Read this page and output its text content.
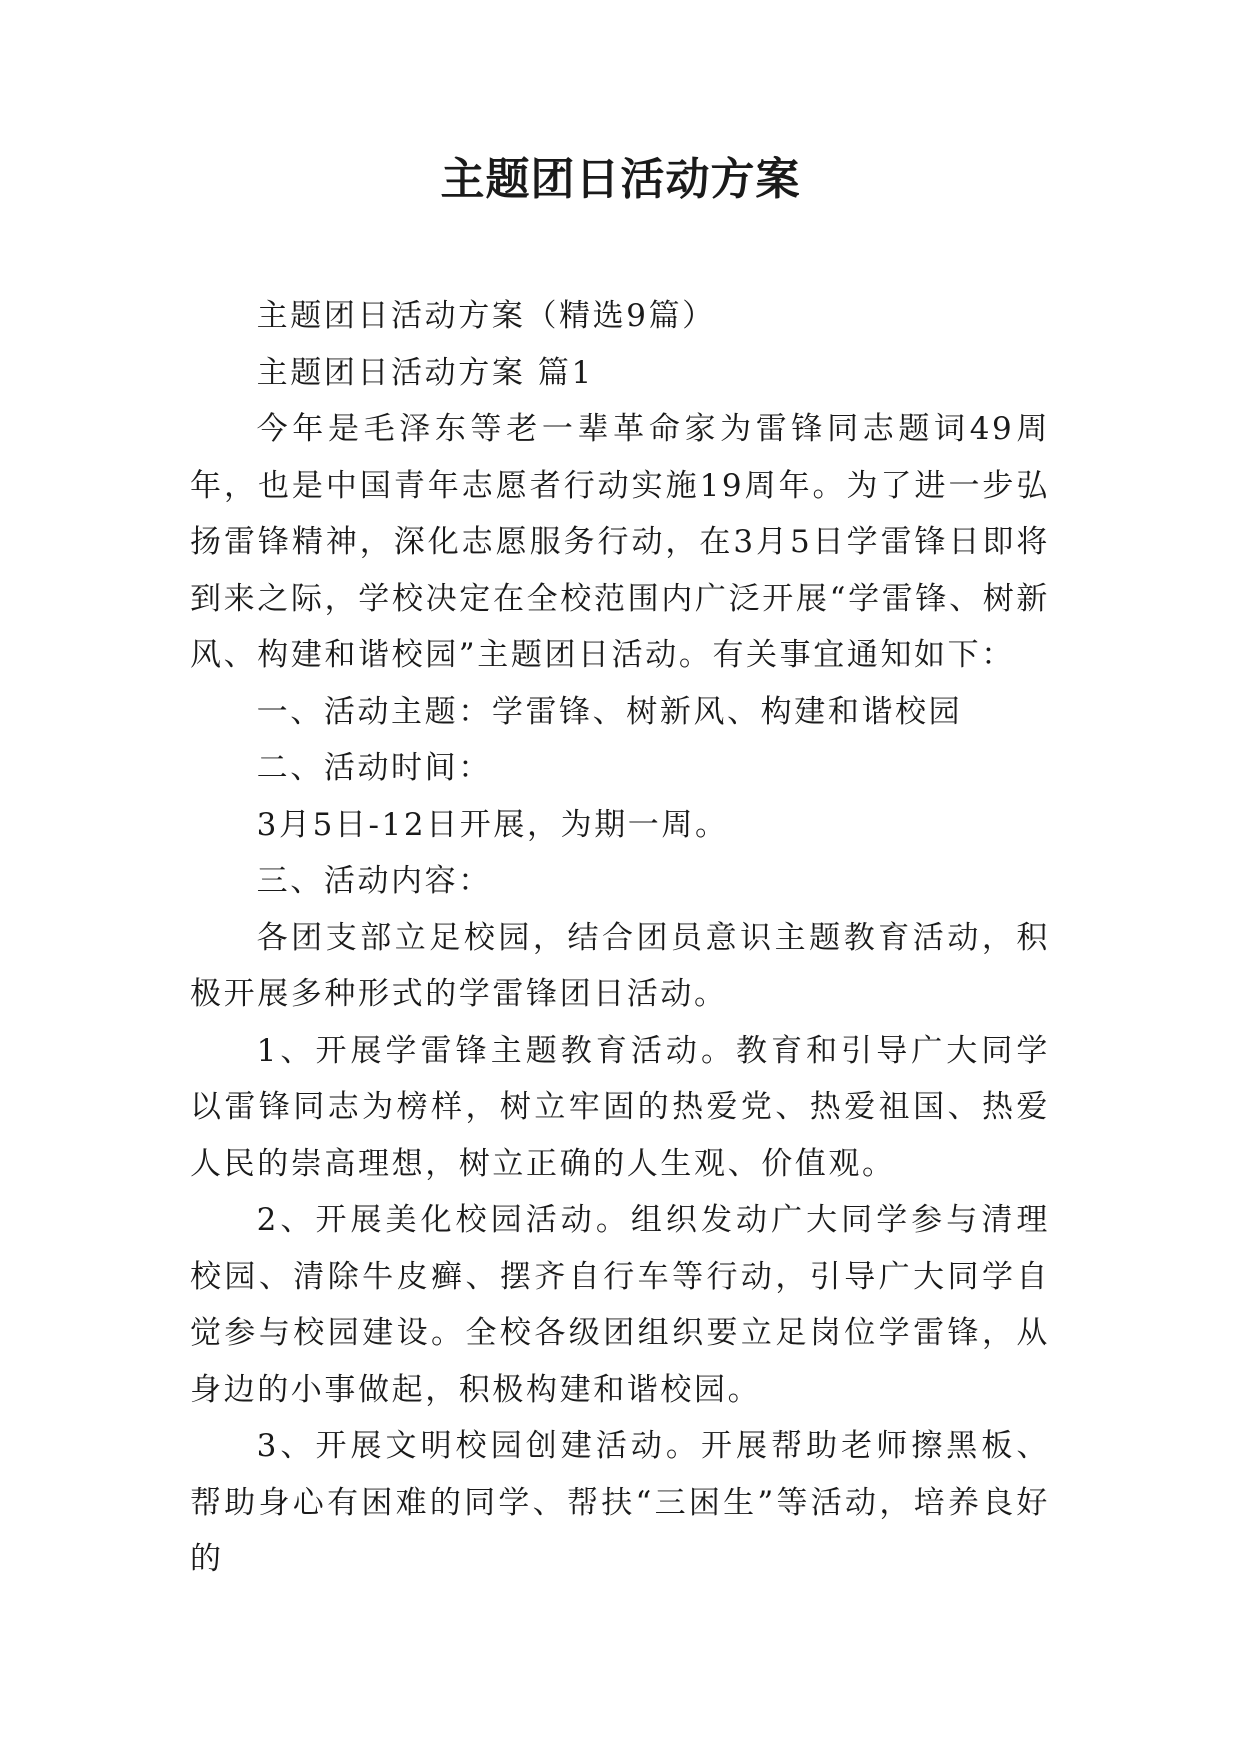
主题团日活动方案

主题团日活动方案（精选9篇）

主题团日活动方案 篇1

今年是毛泽东等老一辈革命家为雷锋同志题词49周年，也是中国青年志愿者行动实施19周年。为了进一步弘扬雷锋精神，深化志愿服务行动，在3月5日学雷锋日即将到来之际，学校决定在全校范围内广泛开展“学雷锋、树新风、构建和谐校园”主题团日活动。有关事宜通知如下：

一、活动主题：学雷锋、树新风、构建和谐校园

二、活动时间：

3月5日-12日开展，为期一周。

三、活动内容：

各团支部立足校园，结合团员意识主题教育活动，积极开展多种形式的学雷锋团日活动。

1、开展学雷锋主题教育活动。教育和引导广大同学以雷锋同志为榜样，树立牢固的热爱党、热爱祖国、热爱人民的崇高理想，树立正确的人生观、价值观。

2、开展美化校园活动。组织发动广大同学参与清理校园、清除牛皮癣、摆齐自行车等行动，引导广大同学自觉参与校园建设。全校各级团组织要立足岗位学雷锋，从身边的小事做起，积极构建和谐校园。

3、开展文明校园创建活动。开展帮助老师擦黑板、帮助身心有困难的同学、帮扶“三困生”等活动，培养良好的
